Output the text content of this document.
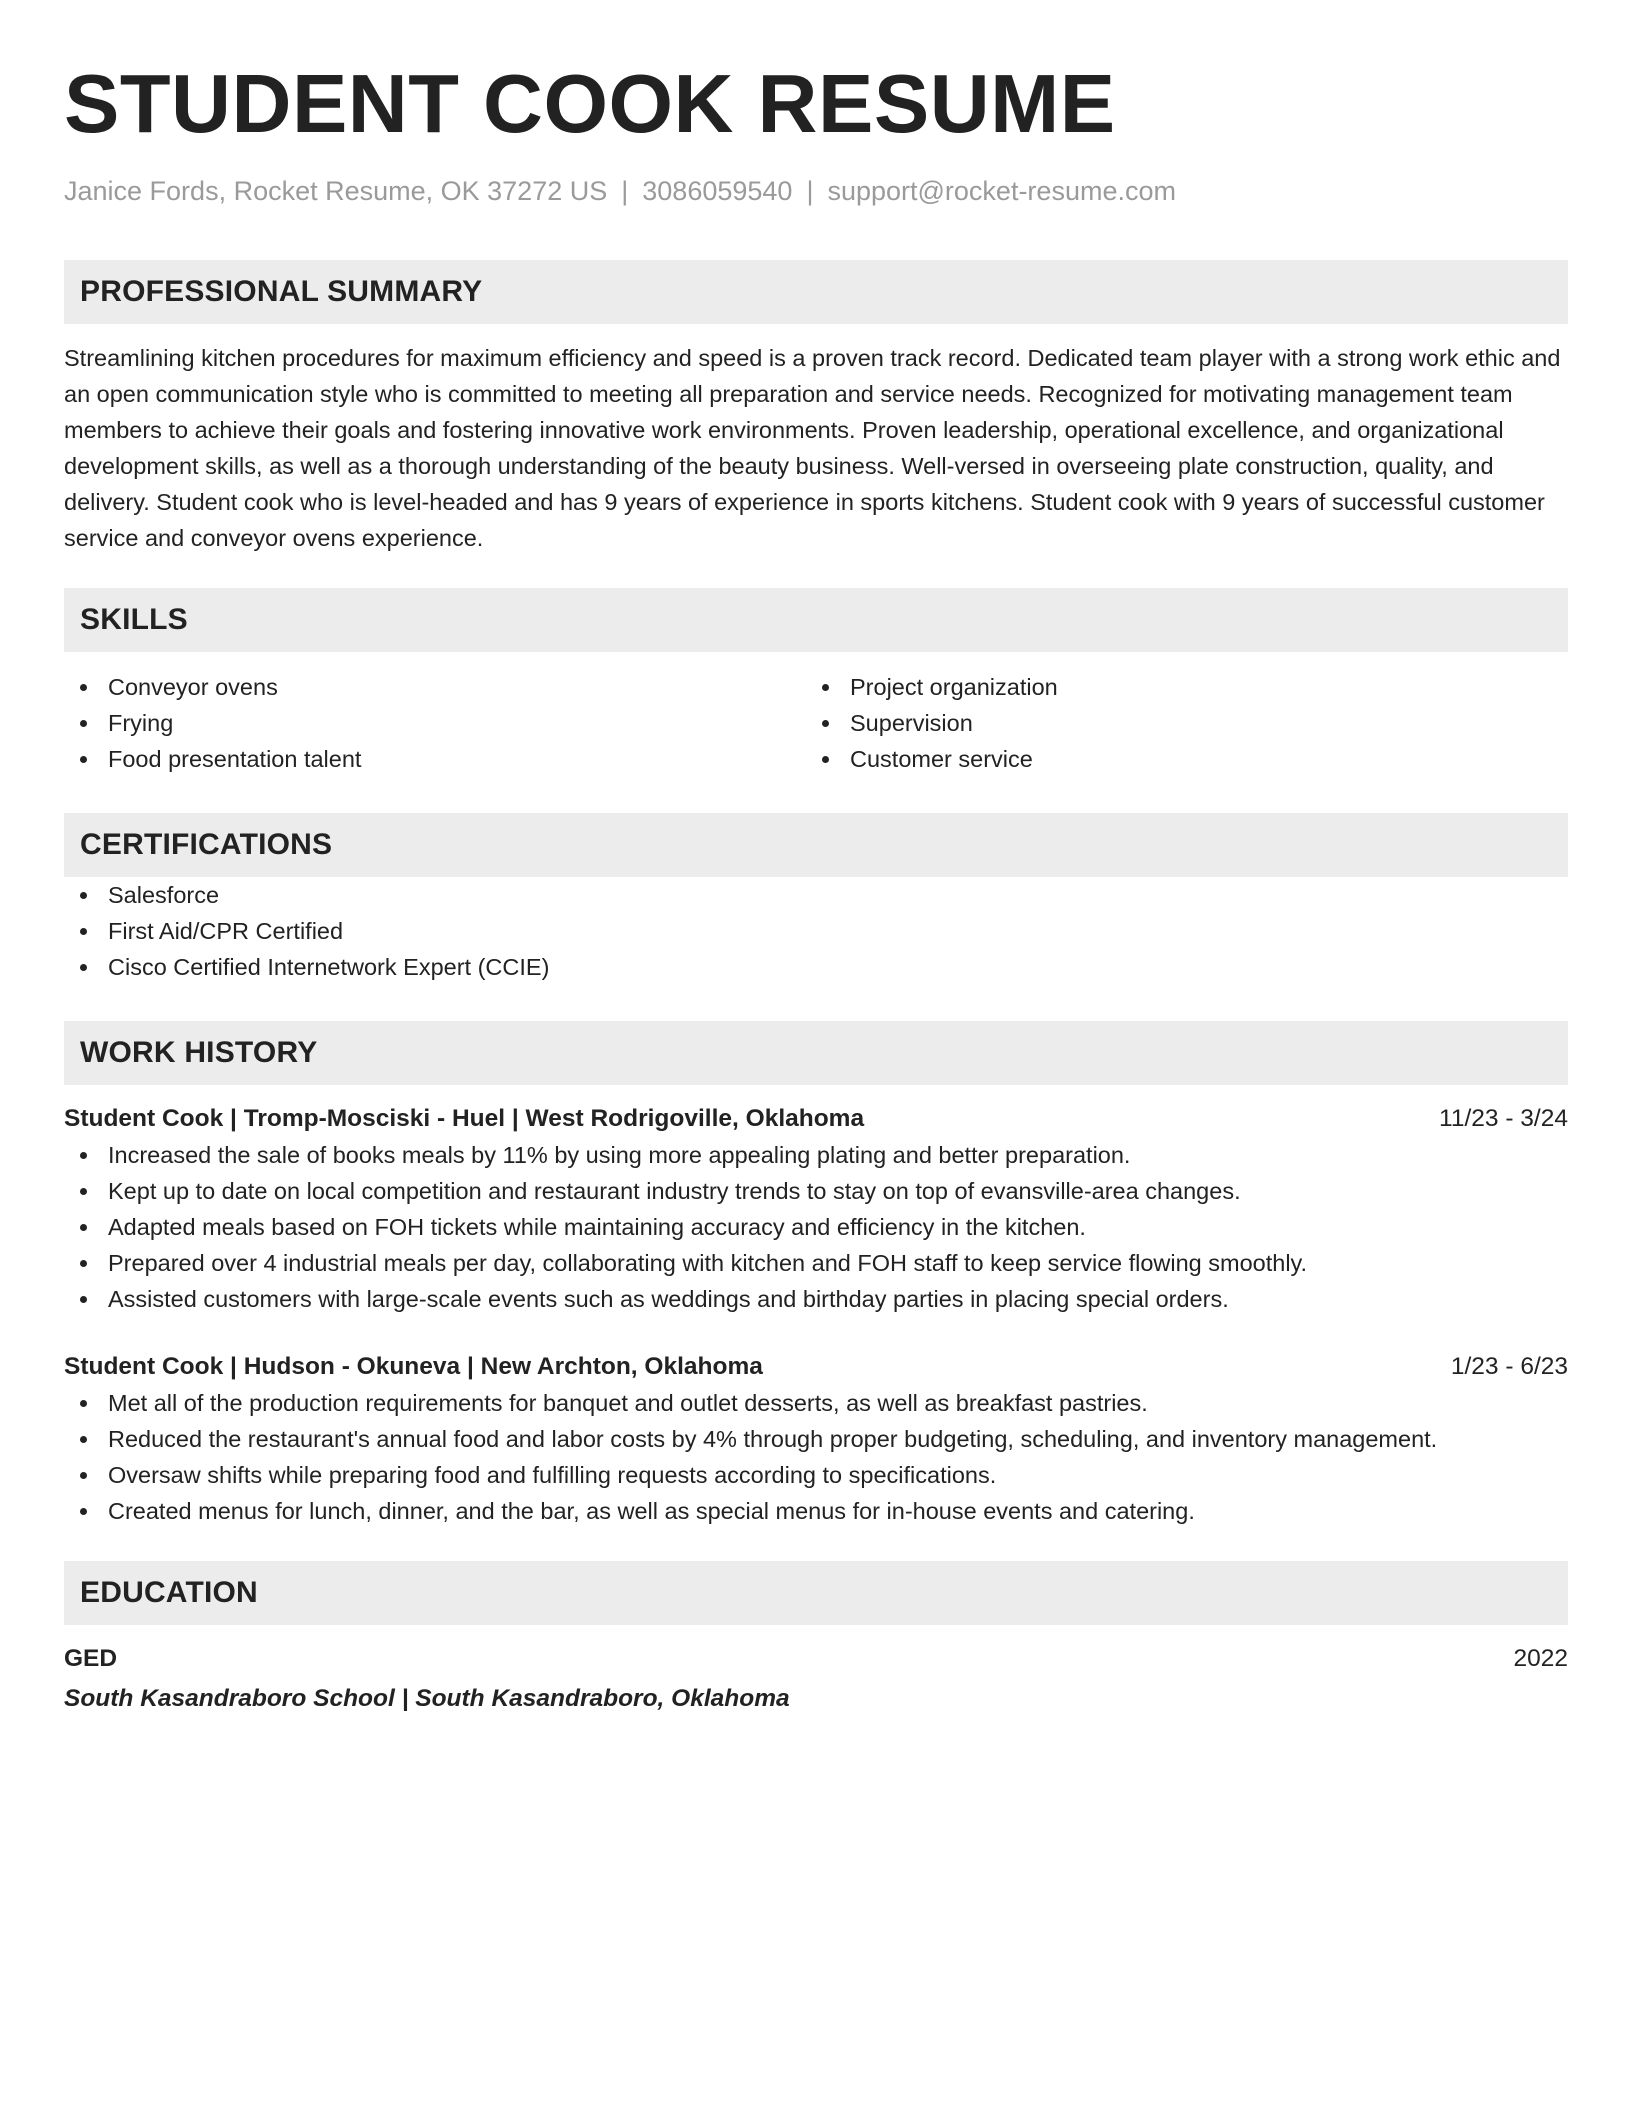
STUDENT COOK RESUME
Janice Fords, Rocket Resume, OK 37272 US | 3086059540 | support@rocket-resume.com
PROFESSIONAL SUMMARY
Streamlining kitchen procedures for maximum efficiency and speed is a proven track record. Dedicated team player with a strong work ethic and an open communication style who is committed to meeting all preparation and service needs. Recognized for motivating management team members to achieve their goals and fostering innovative work environments. Proven leadership, operational excellence, and organizational development skills, as well as a thorough understanding of the beauty business. Well-versed in overseeing plate construction, quality, and delivery. Student cook who is level-headed and has 9 years of experience in sports kitchens. Student cook with 9 years of successful customer service and conveyor ovens experience.
SKILLS
Conveyor ovens
Frying
Food presentation talent
Project organization
Supervision
Customer service
CERTIFICATIONS
Salesforce
First Aid/CPR Certified
Cisco Certified Internetwork Expert (CCIE)
WORK HISTORY
Student Cook | Tromp-Mosciski - Huel | West Rodrigoville, Oklahoma	11/23 - 3/24
Increased the sale of books meals by 11% by using more appealing plating and better preparation.
Kept up to date on local competition and restaurant industry trends to stay on top of evansville-area changes.
Adapted meals based on FOH tickets while maintaining accuracy and efficiency in the kitchen.
Prepared over 4 industrial meals per day, collaborating with kitchen and FOH staff to keep service flowing smoothly.
Assisted customers with large-scale events such as weddings and birthday parties in placing special orders.
Student Cook | Hudson - Okuneva | New Archton, Oklahoma	1/23 - 6/23
Met all of the production requirements for banquet and outlet desserts, as well as breakfast pastries.
Reduced the restaurant's annual food and labor costs by 4% through proper budgeting, scheduling, and inventory management.
Oversaw shifts while preparing food and fulfilling requests according to specifications.
Created menus for lunch, dinner, and the bar, as well as special menus for in-house events and catering.
EDUCATION
GED	2022
South Kasandraboro School | South Kasandraboro, Oklahoma
